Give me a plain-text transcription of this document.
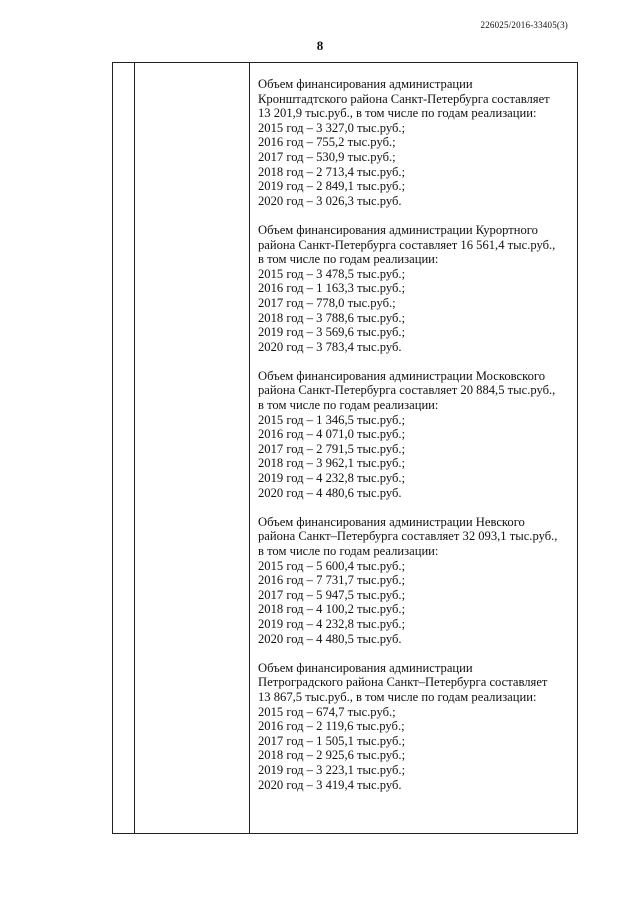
226025/2016-33405(3)
8

Объем финансирования администрации

Кронштадтского района Санкт-Петербурга составляет

13 201,9 тыс.руб., в том числе по годам реализации:

2015 год – 3 327,0 тыс.руб.;

2016 год – 755,2 тыс.руб.;

2017 год – 530,9 тыс.руб.;

2018 год – 2 713,4 тыс.руб.;

2019 год – 2 849,1 тыс.руб.;

2020 год – 3 026,3 тыс.руб.

Объем финансирования администрации Курортного

района Санкт-Петербурга составляет 16 561,4 тыс.руб.,

в том числе по годам реализации:

2015 год – 3 478,5 тыс.руб.;

2016 год – 1 163,3 тыс.руб.;

2017 год – 778,0 тыс.руб.;

2018 год – 3 788,6 тыс.руб.;

2019 год – 3 569,6 тыс.руб.;

2020 год – 3 783,4 тыс.руб.

Объем финансирования администрации Московского

района Санкт-Петербурга составляет 20 884,5 тыс.руб.,

в том числе по годам реализации:

2015 год – 1 346,5 тыс.руб.;

2016 год – 4 071,0 тыс.руб.;

2017 год – 2 791,5 тыс.руб.;

2018 год – 3 962,1 тыс.руб.;

2019 год – 4 232,8 тыс.руб.;

2020 год – 4 480,6 тыс.руб.

Объем финансирования администрации Невского

района Санкт–Петербурга составляет 32 093,1 тыс.руб.,

в том числе по годам реализации:

2015 год – 5 600,4 тыс.руб.;

2016 год – 7 731,7 тыс.руб.;

2017 год – 5 947,5 тыс.руб.;

2018 год – 4 100,2 тыс.руб.;

2019 год – 4 232,8 тыс.руб.;

2020 год – 4 480,5 тыс.руб.

Объем финансирования администрации

Петроградского района Санкт–Петербурга составляет

13 867,5 тыс.руб., в том числе по годам реализации:

2015 год – 674,7 тыс.руб.;

2016 год – 2 119,6 тыс.руб.;

2017 год – 1 505,1 тыс.руб.;

2018 год – 2 925,6 тыс.руб.;

2019 год – 3 223,1 тыс.руб.;

2020 год – 3 419,4 тыс.руб.
